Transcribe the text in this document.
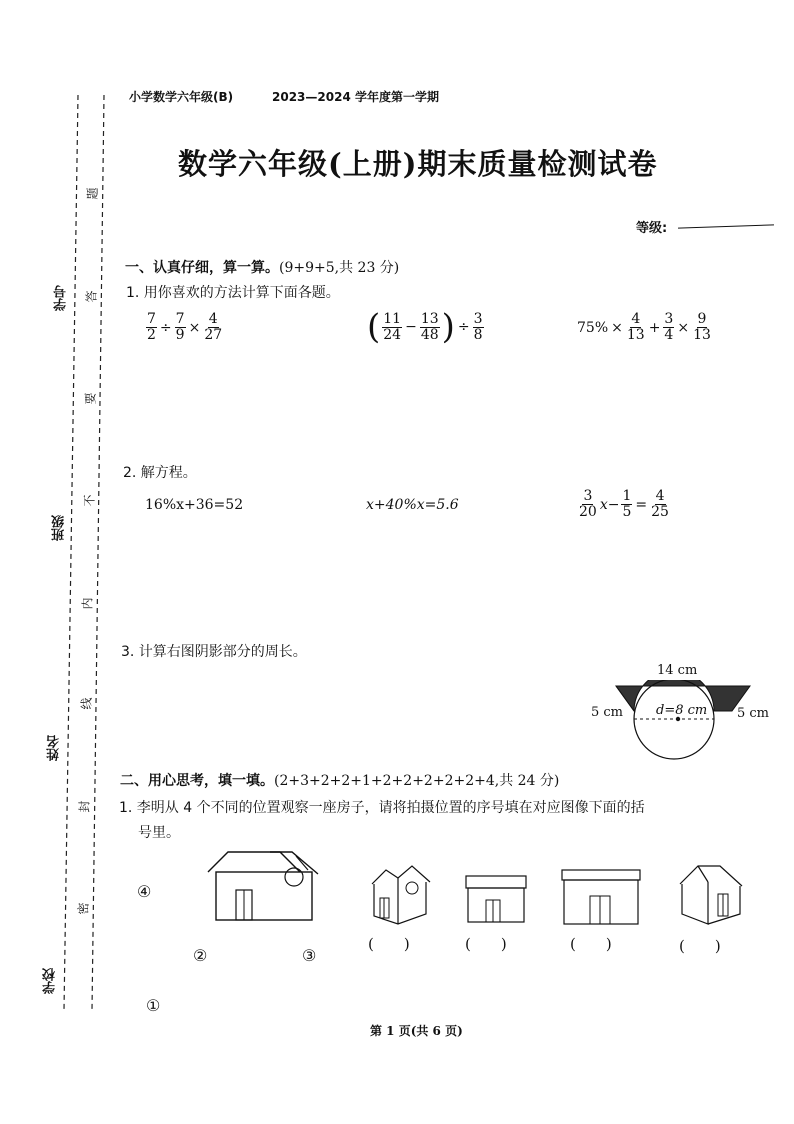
学号
班级
姓名
学校
题
答
要
不
内
线
封
密
小学数学六年级(B)	2023—2024 学年度第一学期
数学六年级(上册)期末质量检测试卷
等级:
一、认真仔细，算一算。(9+9+5,共 23 分)
1. 用你喜欢的方法计算下面各题。
$\frac{7}{2} \div \frac{7}{9} \times \frac{4}{27}$	( $\frac{11}{24} - \frac{13}{48}$ ) ÷ $\frac{3}{8}$	$75\% \times \frac{4}{13} + \frac{3}{4} \times \frac{9}{13}$
2. 解方程。
16%x+36=52	x+40%x=5.6	$\frac{3}{20} x- \frac{1}{5} = \frac{4}{25}$
3. 计算右图阴影部分的周长。
14 cm
5 cm	5 cm
d=8 cm
二、用心思考，填一填。(2+3+2+2+1+2+2+2+2+2+4,共 24 分)
1. 李明从 4 个不同的位置观察一座房子，请将拍摄位置的序号填在对应图像下面的括
号里。
④
②	③
①
(　　)	(　　)	(　　)	(　　)
第 1 页(共 6 页)
